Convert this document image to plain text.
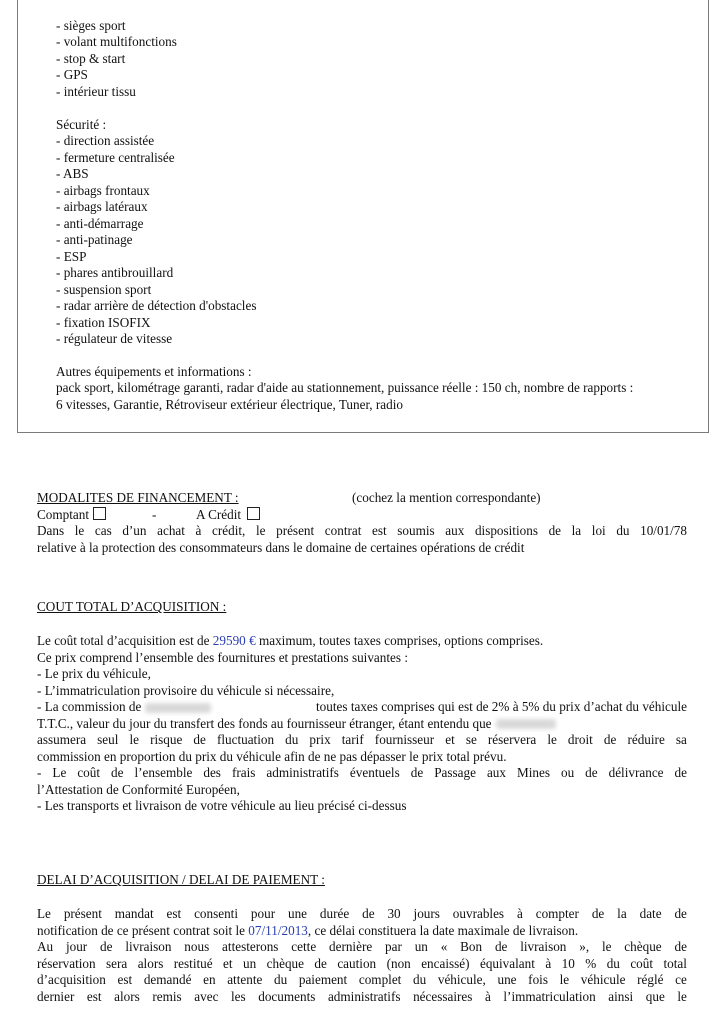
- sièges sport
- volant multifonctions
- stop & start
- GPS
- intérieur tissu
Sécurité :
- direction assistée
- fermeture centralisée
- ABS
- airbags frontaux
- airbags latéraux
- anti-démarrage
- anti-patinage
- ESP
- phares antibrouillard
- suspension sport
- radar arrière de détection d'obstacles
- fixation ISOFIX
- régulateur de vitesse
Autres équipements et informations :
pack sport, kilométrage garanti, radar d'aide au stationnement, puissance réelle : 150 ch, nombre de rapports :
6 vitesses, Garantie, Rétroviseur extérieur électrique, Tuner, radio
MODALITES DE FINANCEMENT :	(cochez la mention correspondante)
Comptant	-	A Crédit
Dans le cas d’un achat à crédit, le présent contrat est soumis aux dispositions de la loi du 10/01/78
relative à la protection des consommateurs dans le domaine de certaines opérations de crédit
COUT TOTAL D’ACQUISITION :
Le coût total d’acquisition est de 29590 € maximum, toutes taxes comprises, options comprises.
Ce prix comprend l’ensemble des fournitures et prestations suivantes :
- Le prix du véhicule,
- L’immatriculation provisoire du véhicule si nécessaire,
- La commission de	toutes taxes comprises qui est de 2% à 5% du prix d’achat du véhicule
T.T.C., valeur du jour du transfert des fonds au fournisseur étranger, étant entendu que
assumera seul le risque de fluctuation du prix tarif fournisseur et se réservera le droit de réduire sa
commission en proportion du prix du véhicule afin de ne pas dépasser le prix total prévu.
- Le coût de l’ensemble des frais administratifs éventuels de Passage aux Mines ou de délivrance de
l’Attestation de Conformité Européen,
- Les transports et livraison de votre véhicule au lieu précisé ci-dessus
DELAI D’ACQUISITION / DELAI DE PAIEMENT :
Le présent mandat est consenti pour une durée de 30 jours ouvrables à compter de la date de
notification de ce présent contrat soit le 07/11/2013, ce délai constituera la date maximale de livraison.
Au jour de livraison nous attesterons cette dernière par un « Bon de livraison », le chèque de
réservation sera alors restitué et un chèque de caution (non encaissé) équivalant à 10 % du coût total
d’acquisition est demandé en attente du paiement complet du véhicule, une fois le véhicule réglé ce
dernier est alors remis avec les documents administratifs nécessaires à l’immatriculation ainsi que le
